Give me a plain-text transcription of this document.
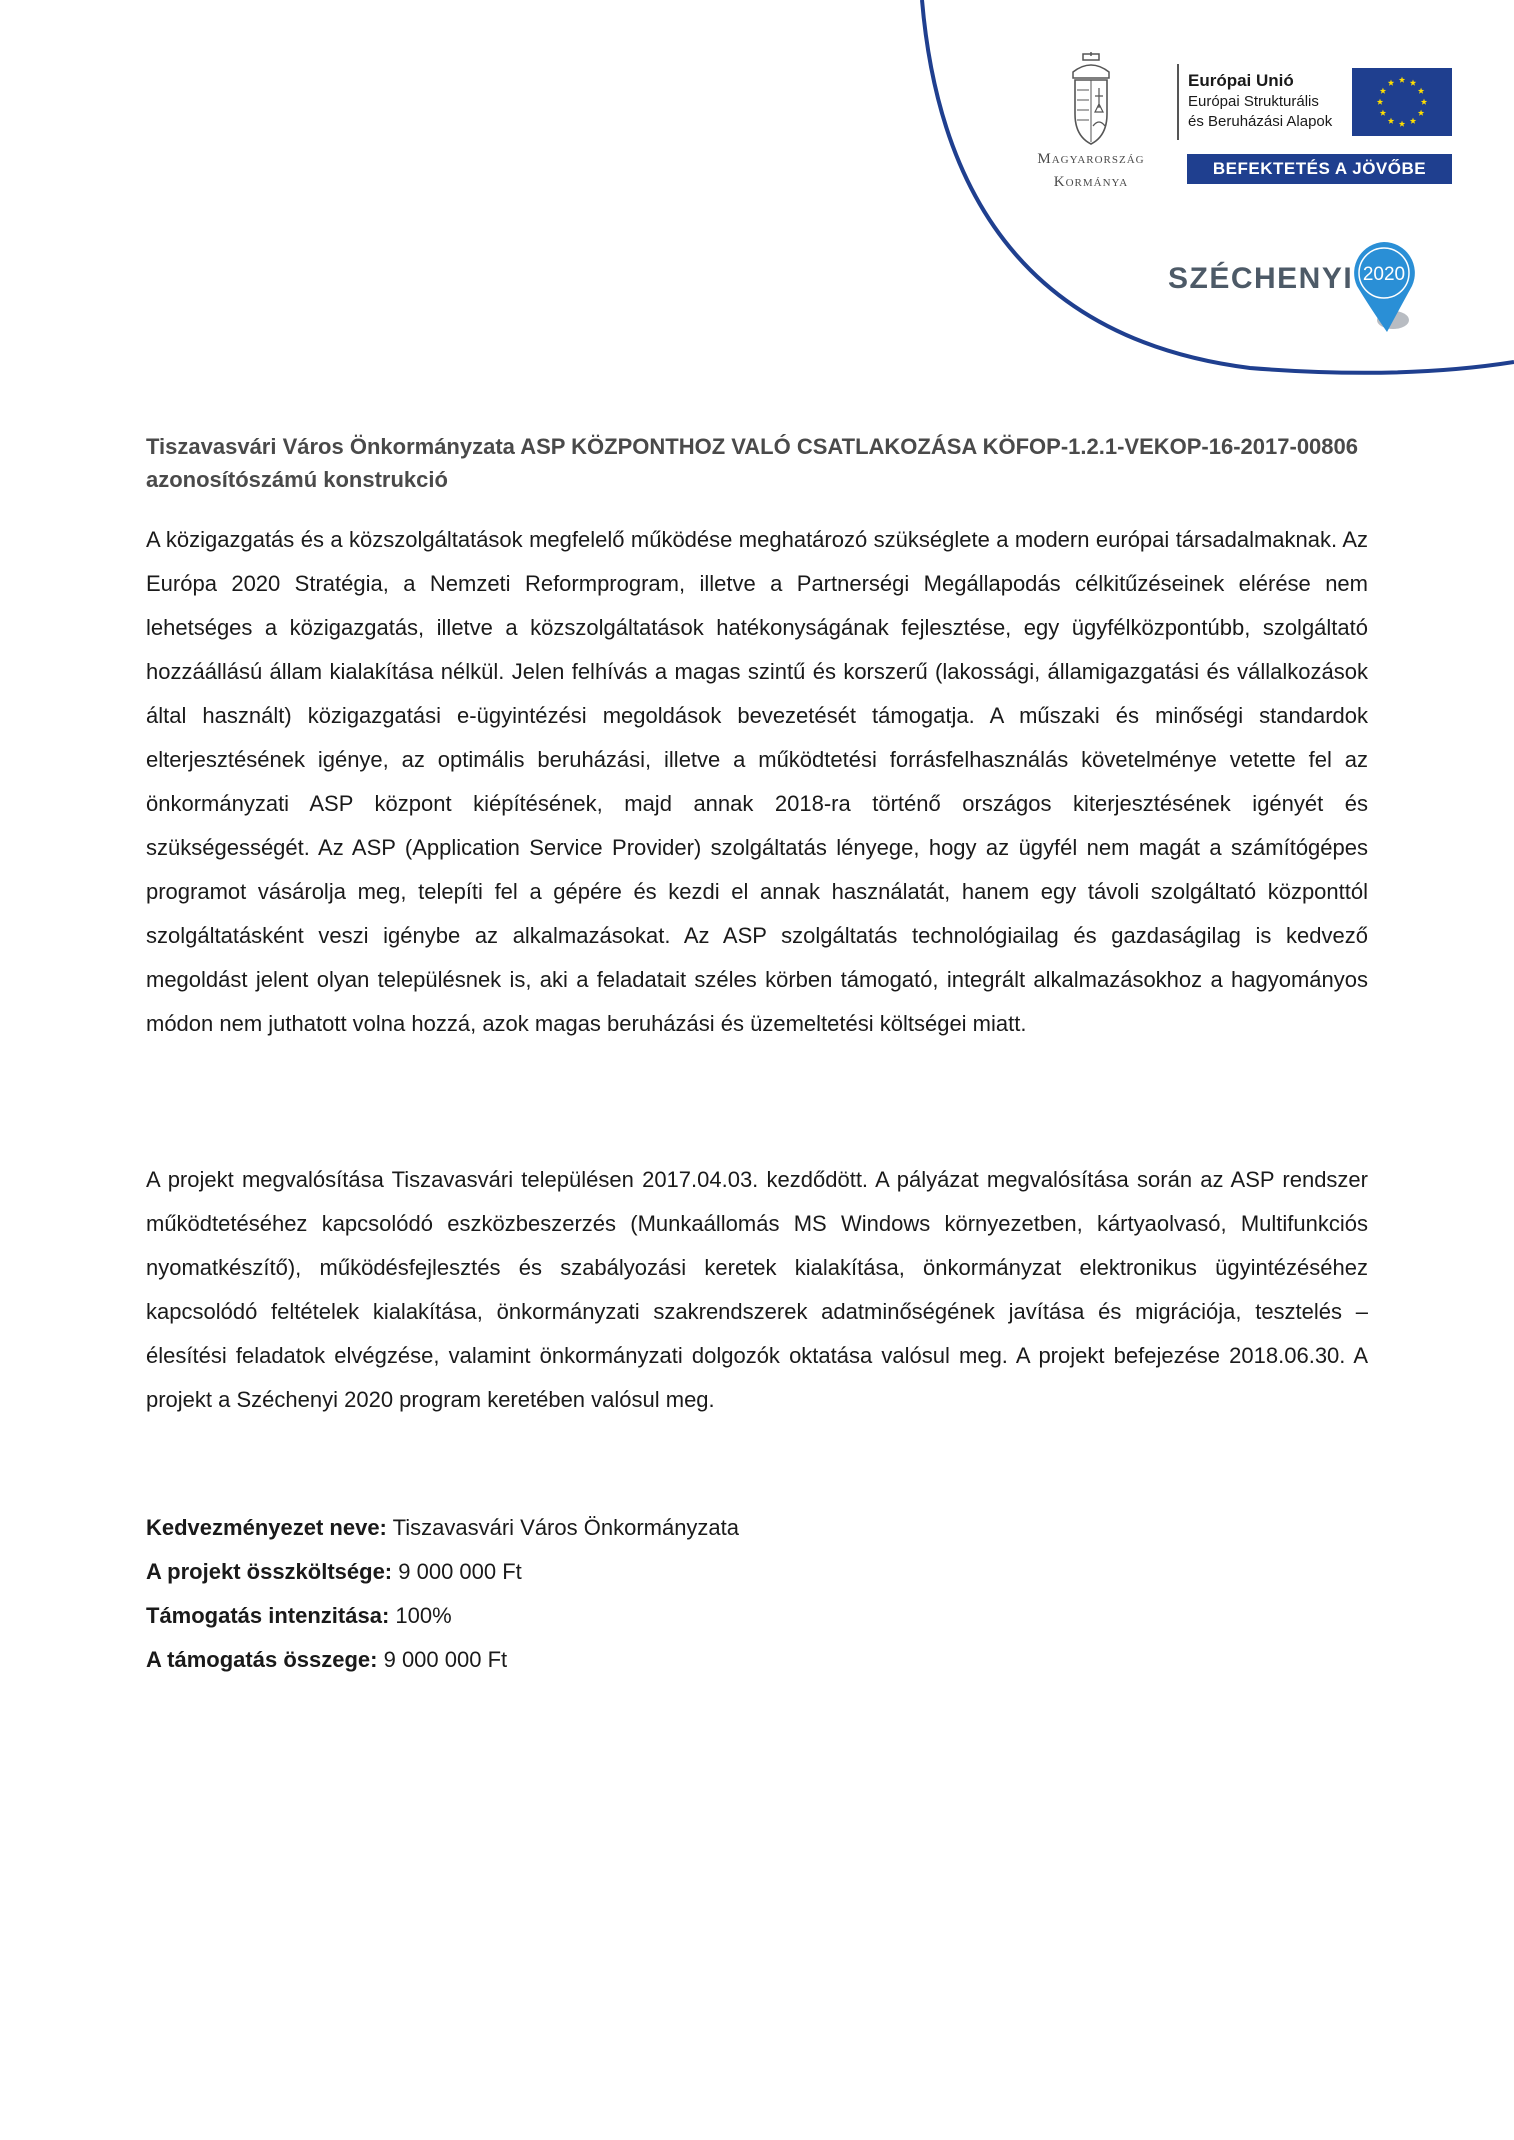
Magyarország
Kormánya
Európai Unió
Európai Strukturális
és Beruházási Alapok
BEFEKTETÉS A JÖVŐBE
SZÉCHENYI 2020
Tiszavasvári Város Önkormányzata ASP KÖZPONTHOZ VALÓ CSATLAKOZÁSA KÖFOP-1.2.1-VEKOP-16-2017-00806 azonosítószámú konstrukció

A közigazgatás és a közszolgáltatások megfelelő működése meghatározó szükséglete a modern európai társadalmaknak. Az Európa 2020 Stratégia, a Nemzeti Reformprogram, illetve a Partnerségi Megállapodás célkitűzéseinek elérése nem lehetséges a közigazgatás, illetve a közszolgáltatások hatékonyságának fejlesztése, egy ügyfélközpontúbb, szolgáltató hozzáállású állam kialakítása nélkül. Jelen felhívás a magas szintű és korszerű (lakossági, államigazgatási és vállalkozások által használt) közigazgatási e-ügyintézési megoldások bevezetését támogatja. A műszaki és minőségi standardok elterjesztésének igénye, az optimális beruházási, illetve a működtetési forrásfelhasználás követelménye vetette fel az önkormányzati ASP központ kiépítésének, majd annak 2018-ra történő országos kiterjesztésének igényét és szükségességét. Az ASP (Application Service Provider) szolgáltatás lényege, hogy az ügyfél nem magát a számítógépes programot vásárolja meg, telepíti fel a gépére és kezdi el annak használatát, hanem egy távoli szolgáltató központtól szolgáltatásként veszi igénybe az alkalmazásokat. Az ASP szolgáltatás technológiailag és gazdaságilag is kedvező megoldást jelent olyan településnek is, aki a feladatait széles körben támogató, integrált alkalmazásokhoz a hagyományos módon nem juthatott volna hozzá, azok magas beruházási és üzemeltetési költségei miatt.

A projekt megvalósítása Tiszavasvári településen 2017.04.03. kezdődött. A pályázat megvalósítása során az ASP rendszer működtetéséhez kapcsolódó eszközbeszerzés (Munkaállomás MS Windows környezetben, kártyaolvasó, Multifunkciós nyomatkészítő), működésfejlesztés és szabályozási keretek kialakítása, önkormányzat elektronikus ügyintézéséhez kapcsolódó feltételek kialakítása, önkormányzati szakrendszerek adatminőségének javítása és migrációja, tesztelés – élesítési feladatok elvégzése, valamint önkormányzati dolgozók oktatása valósul meg. A projekt befejezése 2018.06.30. A projekt a Széchenyi 2020 program keretében valósul meg.

Kedvezményezet neve: Tiszavasvári Város Önkormányzata
A projekt összköltsége: 9 000 000 Ft
Támogatás intenzitása: 100%
A támogatás összege: 9 000 000 Ft
